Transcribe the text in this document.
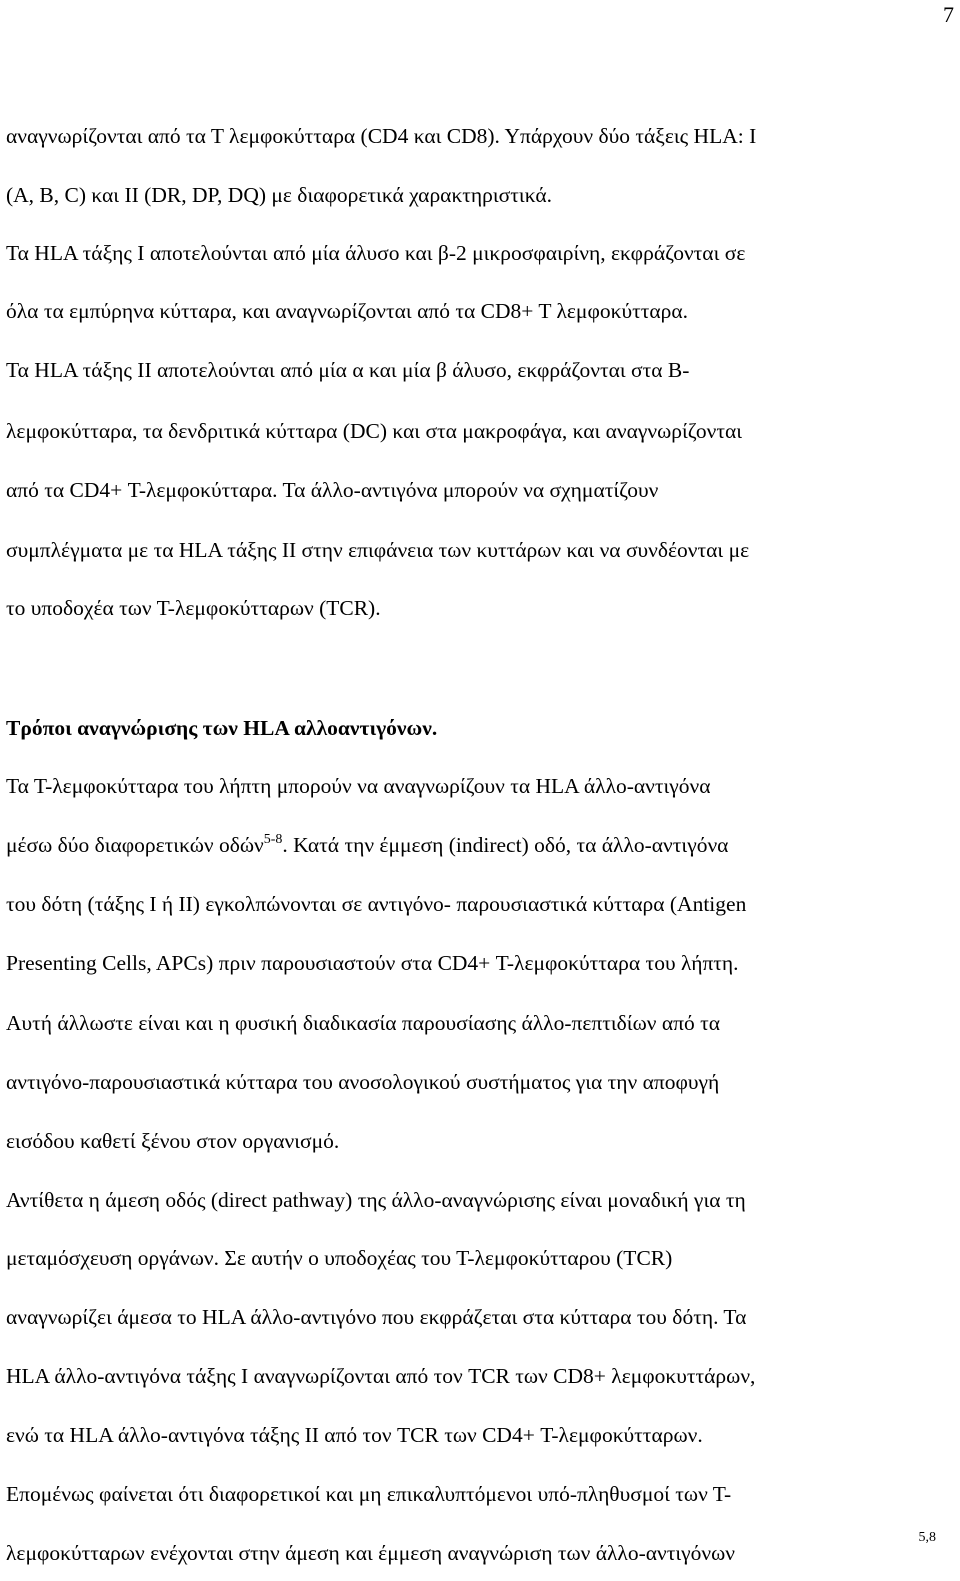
7
αναγνωρίζονται από τα Τ λεμφοκύτταρα (CD4 και CD8). Υπάρχουν δύο τάξεις HLA: I
(A, B, C) και II (DR, DP, DQ) με διαφορετικά χαρακτηριστικά.
Τα HLA τάξης I αποτελούνται από μία άλυσο και β-2 μικροσφαιρίνη, εκφράζονται σε
όλα τα εμπύρηνα κύτταρα, και αναγνωρίζονται από τα CD8+ T λεμφοκύτταρα.
Τα HLA τάξης II αποτελούνται από μία α και μία β άλυσο, εκφράζονται στα Β-
λεμφοκύτταρα, τα δενδριτικά κύτταρα (DC) και στα μακροφάγα, και αναγνωρίζονται
από τα CD4+ Τ-λεμφοκύτταρα. Τα άλλο-αντιγόνα μπορούν να σχηματίζουν
συμπλέγματα με τα HLA τάξης II στην επιφάνεια των κυττάρων και να συνδέονται με
το υποδοχέα των Τ-λεμφοκύτταρων (TCR).
Τρόποι αναγνώρισης των HLA αλλοαντιγόνων.
Τα Τ-λεμφοκύτταρα του λήπτη μπορούν να αναγνωρίζουν τα HLA άλλο-αντιγόνα
μέσω δύο διαφορετικών οδών$^{5-8}$. Κατά την έμμεση (indirect) οδό, τα άλλο-αντιγόνα
του δότη (τάξης I ή II) εγκολπώνονται σε αντιγόνο- παρουσιαστικά κύτταρα (Antigen
Presenting Cells, APCs) πριν παρουσιαστούν στα CD4+ Τ-λεμφοκύτταρα του λήπτη.
Αυτή άλλωστε είναι και η φυσική διαδικασία παρουσίασης άλλο-πεπτιδίων από τα
αντιγόνο-παρουσιαστικά κύτταρα του ανοσολογικού συστήματος για την αποφυγή
εισόδου καθετί ξένου στον οργανισμό.
Αντίθετα η άμεση οδός (direct pathway) της άλλο-αναγνώρισης είναι μοναδική για τη
μεταμόσχευση οργάνων. Σε αυτήν ο υποδοχέας του Τ-λεμφοκύτταρου (TCR)
αναγνωρίζει άμεσα το HLA άλλο-αντιγόνο που εκφράζεται στα κύτταρα του δότη. Τα
HLA άλλο-αντιγόνα τάξης I αναγνωρίζονται από τον TCR των CD8+ λεμφοκυττάρων,
ενώ τα HLA άλλο-αντιγόνα τάξης II από τον TCR των CD4+ Τ-λεμφοκύτταρων.
Επομένως φαίνεται ότι διαφορετικοί και μη επικαλυπτόμενοι υπό-πληθυσμοί των Τ-
λεμφοκύτταρων ενέχονται στην άμεση και έμμεση αναγνώριση των άλλο-αντιγόνων
5,8
